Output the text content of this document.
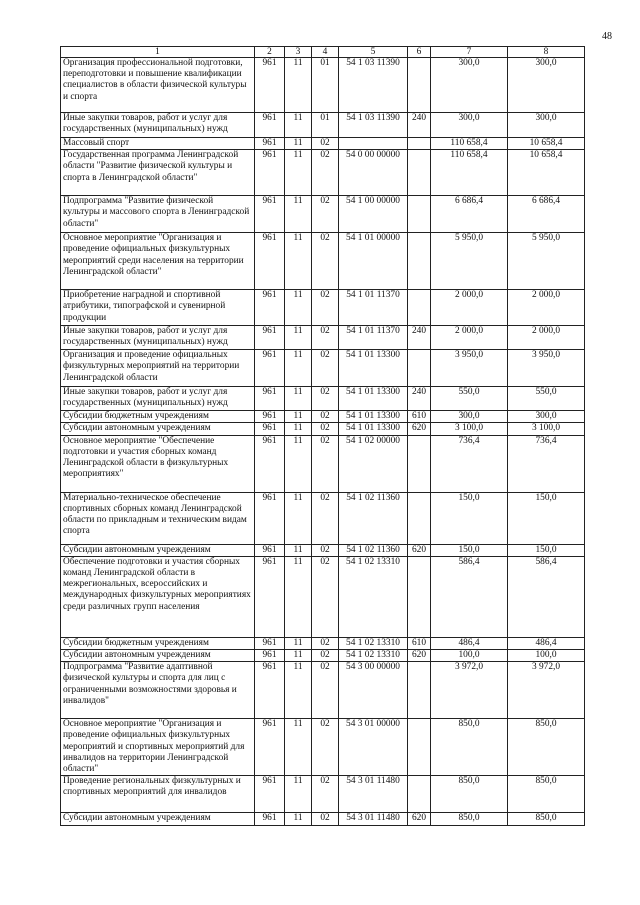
48
1	2	3	4	5	6	7	8
Организация профессиональной подготовки, переподготовки и повышение квалификации специалистов в области физической культуры и спорта	961	11	01	54 1 03 11390		300,0	300,0
Иные закупки товаров, работ и услуг для государственных (муниципальных) нужд	961	11	01	54 1 03 11390	240	300,0	300,0
Массовый спорт	961	11	02			110 658,4	10 658,4
Государственная программа Ленинградской области "Развитие физической культуры и спорта в Ленинградской области"	961	11	02	54 0 00 00000		110 658,4	10 658,4
Подпрограмма "Развитие физической культуры и массового спорта в Ленинградской области"	961	11	02	54 1 00 00000		6 686,4	6 686,4
Основное мероприятие "Организация и проведение официальных физкультурных мероприятий среди населения на территории Ленинградской области"	961	11	02	54 1 01 00000		5 950,0	5 950,0
Приобретение наградной и спортивной атрибутики, типографской и сувенирной продукции	961	11	02	54 1 01 11370		2 000,0	2 000,0
Иные закупки товаров, работ и услуг для государственных (муниципальных) нужд	961	11	02	54 1 01 11370	240	2 000,0	2 000,0
Организация и проведение официальных физкультурных мероприятий на территории Ленинградской области	961	11	02	54 1 01 13300		3 950,0	3 950,0
Иные закупки товаров, работ и услуг для государственных (муниципальных) нужд	961	11	02	54 1 01 13300	240	550,0	550,0
Субсидии бюджетным учреждениям	961	11	02	54 1 01 13300	610	300,0	300,0
Субсидии автономным учреждениям	961	11	02	54 1 01 13300	620	3 100,0	3 100,0
Основное мероприятие "Обеспечение подготовки и участия сборных команд Ленинградской области в физкультурных мероприятиях"	961	11	02	54 1 02 00000		736,4	736,4
Материально-техническое обеспечение спортивных сборных команд Ленинградской области по прикладным и техническим видам спорта	961	11	02	54 1 02 11360		150,0	150,0
Субсидии автономным учреждениям	961	11	02	54 1 02 11360	620	150,0	150,0
Обеспечение подготовки и участия сборных команд Ленинградской области в межрегиональных, всероссийских и международных физкультурных мероприятиях среди различных групп населения	961	11	02	54 1 02 13310		586,4	586,4
Субсидии бюджетным учреждениям	961	11	02	54 1 02 13310	610	486,4	486,4
Субсидии автономным учреждениям	961	11	02	54 1 02 13310	620	100,0	100,0
Подпрограмма "Развитие адаптивной физической культуры и спорта для лиц с ограниченными возможностями здоровья и инвалидов"	961	11	02	54 3 00 00000		3 972,0	3 972,0
Основное мероприятие "Организация и проведение официальных физкультурных мероприятий и спортивных мероприятий для инвалидов на территории Ленинградской области"	961	11	02	54 3 01 00000		850,0	850,0
Проведение региональных физкультурных и спортивных мероприятий для инвалидов	961	11	02	54 3 01 11480		850,0	850,0
Субсидии автономным учреждениям	961	11	02	54 3 01 11480	620	850,0	850,0
